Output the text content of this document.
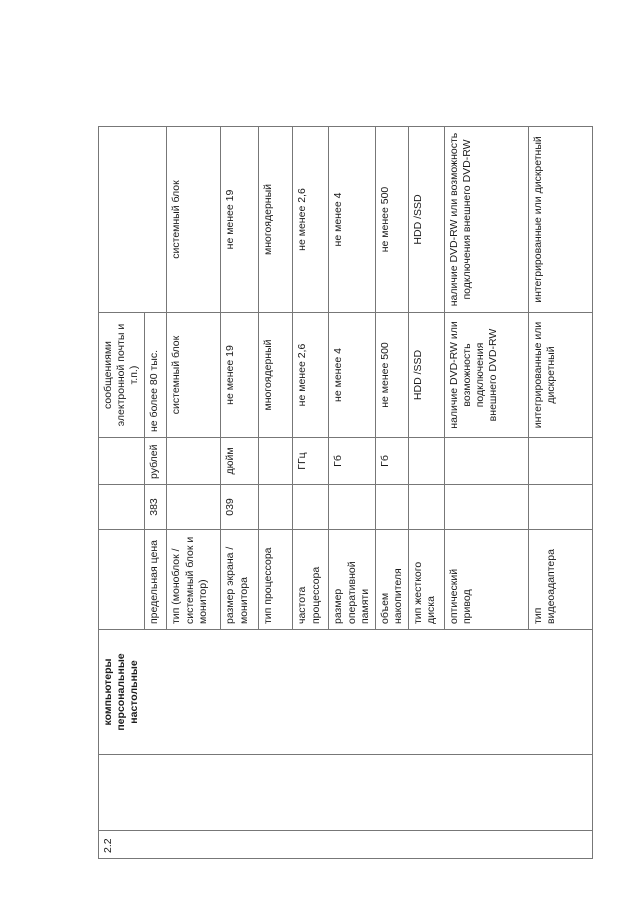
2.2		компьютеры персональные настольные				сообщениями электронной почты и т.п.)	
			предельная цена	383	рублей	не более 80 тыс.	
			тип (моноблок / системный блок и монитор)			системный блок	системный блок
			размер экрана / монитора	039	дюйм	не менее 19	не менее 19
			тип процессора			многоядерный	многоядерный
			частота процессора		ГГц	не менее 2,6	не менее 2,6
			размер оперативной памяти		Гб	не менее 4	не менее 4
			объем накопителя		Гб	не менее 500	не менее 500
			тип жесткого диска			HDD /SSD	HDD /SSD
			оптический привод			наличие DVD-RW или возможность подключения внешнего DVD-RW	наличие DVD-RW или возможность подключения внешнего DVD-RW
			тип видеоадаптера			интегрированные или дискретный	интегрированные или дискретный
